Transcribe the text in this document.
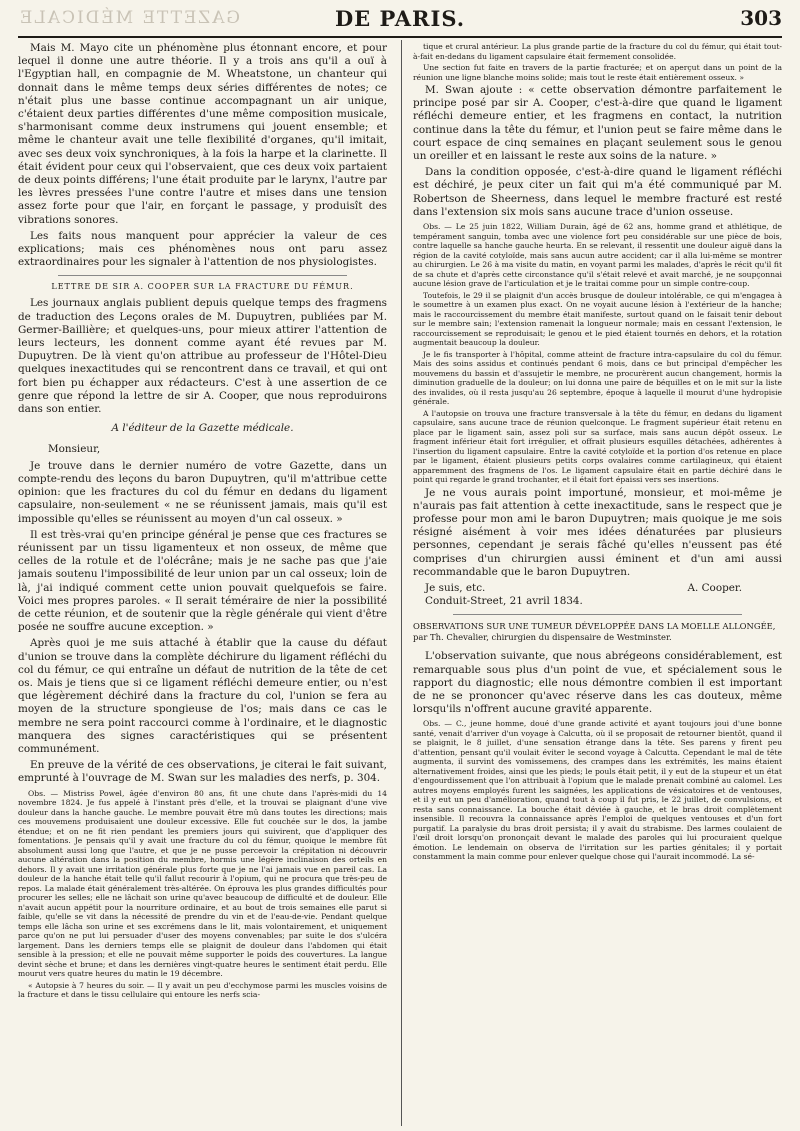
GAZETTE MÉDICALE	DE PARIS.	303

Mais M. Mayo cite un phénomène plus étonnant encore, et pour lequel il donne une autre théorie. Il y a trois ans qu'il a ouï à l'Egyptian hall, en compagnie de M. Wheatstone, un chanteur qui donnait dans le même temps deux séries différentes de notes; ce n'était plus une basse continue accompagnant un air unique, c'étaient deux parties différentes d'une même composition musicale, s'harmonisant comme deux instrumens qui jouent ensemble; et même le chanteur avait une telle flexibilité d'organes, qu'il imitait, avec ses deux voix synchroniques, à la fois la harpe et la clarinette. Il était évident pour ceux qui l'observaient, que ces deux voix partaient de deux points différens; l'une était produite par le larynx, l'autre par les lèvres pressées l'une contre l'autre et mises dans une tension assez forte pour que l'air, en forçant le passage, y produisît des vibrations sonores.

Les faits nous manquent pour apprécier la valeur de ces explications; mais ces phénomènes nous ont paru assez extraordinaires pour les signaler à l'attention de nos physiologistes.

LETTRE DE SIR A. COOPER SUR LA FRACTURE DU FÉMUR.

Les journaux anglais publient depuis quelque temps des fragmens de traduction des Leçons orales de M. Dupuytren, publiées par M. Germer-Baillière; et quelques-uns, pour mieux attirer l'attention de leurs lecteurs, les donnent comme ayant été revues par M. Dupuytren. De là vient qu'on attribue au professeur de l'Hôtel-Dieu quelques inexactitudes qui se rencontrent dans ce travail, et qui ont fort bien pu échapper aux rédacteurs. C'est à une assertion de ce genre que répond la lettre de sir A. Cooper, que nous reproduirons dans son entier.

A l'éditeur de la Gazette médicale.

Monsieur,

Je trouve dans le dernier numéro de votre Gazette, dans un compte-rendu des leçons du baron Dupuytren, qu'il m'attribue cette opinion: que les fractures du col du fémur en dedans du ligament capsulaire, non-seulement « ne se réunissent jamais, mais qu'il est impossible qu'elles se réunissent au moyen d'un cal osseux. »

Il est très-vrai qu'en principe général je pense que ces fractures se réunissent par un tissu ligamenteux et non osseux, de même que celles de la rotule et de l'olécrâne; mais je ne sache pas que j'aie jamais soutenu l'impossibilité de leur union par un cal osseux; loin de là, j'ai indiqué comment cette union pouvait quelquefois se faire. Voici mes propres paroles. « Il serait téméraire de nier la possibilité de cette réunion, et de soutenir que la règle générale qui vient d'être posée ne souffre aucune exception. »

Après quoi je me suis attaché à établir que la cause du défaut d'union se trouve dans la complète déchirure du ligament réfléchi du col du fémur, ce qui entraîne un défaut de nutrition de la tête de cet os. Mais je tiens que si ce ligament réfléchi demeure entier, ou n'est que légèrement déchiré dans la fracture du col, l'union se fera au moyen de la structure spongieuse de l'os; mais dans ce cas le membre ne sera point raccourci comme à l'ordinaire, et le diagnostic manquera des signes caractéristiques qui se présentent communément.

En preuve de la vérité de ces observations, je citerai le fait suivant, emprunté à l'ouvrage de M. Swan sur les maladies des nerfs, p. 304.

Obs. — Mistriss Powel, âgée d'environ 80 ans, fit une chute dans l'après-midi du 14 novembre 1824. Je fus appelé à l'instant près d'elle, et la trouvai se plaignant d'une vive douleur dans la hanche gauche. Le membre pouvait être mû dans toutes les directions; mais ces mouvemens produisaient une douleur excessive. Elle fut couchée sur le dos, la jambe étendue; et on ne fit rien pendant les premiers jours qui suivirent, que d'appliquer des fomentations. Je pensais qu'il y avait une fracture du col du fémur, quoique le membre fût absolument aussi long que l'autre, et que je ne pusse percevoir la crépitation ni découvrir aucune altération dans la position du membre, hormis une légère inclinaison des orteils en dehors. Il y avait une irritation générale plus forte que je ne l'ai jamais vue en pareil cas. La douleur de la hanche était telle qu'il fallut recourir à l'opium, qui ne procura que très-peu de repos. La malade était généralement très-altérée. On éprouva les plus grandes difficultés pour procurer les selles; elle ne lâchait son urine qu'avec beaucoup de difficulté et de douleur. Elle n'avait aucun appétit pour la nourriture ordinaire, et au bout de trois semaines elle parut si faible, qu'elle se vit dans la nécessité de prendre du vin et de l'eau-de-vie. Pendant quelque temps elle lâcha son urine et ses excrémens dans le lit, mais volontairement, et uniquement parce qu'on ne put lui persuader d'user des moyens convenables; par suite le dos s'ulcéra largement. Dans les derniers temps elle se plaignit de douleur dans l'abdomen qui était sensible à la pression; et elle ne pouvait même supporter le poids des couvertures. La langue devint sèche et brune; et dans les dernières vingt-quatre heures le sentiment était perdu. Elle mourut vers quatre heures du matin le 19 décembre.

« Autopsie à 7 heures du soir. — Il y avait un peu d'ecchymose parmi les muscles voisins de la fracture et dans le tissu cellulaire qui entoure les nerfs scia-

tique et crural antérieur. La plus grande partie de la fracture du col du fémur, qui était tout-à-fait en-dedans du ligament capsulaire était fermement consolidée.

Une section fut faite en travers de la partie fracturée; et on aperçut dans un point de la réunion une ligne blanche moins solide; mais tout le reste était entièrement osseux. »

M. Swan ajoute : « cette observation démontre parfaitement le principe posé par sir A. Cooper, c'est-à-dire que quand le ligament réfléchi demeure entier, et les fragmens en contact, la nutrition continue dans la tête du fémur, et l'union peut se faire même dans le court espace de cinq semaines en plaçant seulement sous le genou un oreiller et en laissant le reste aux soins de la nature. »

Dans la condition opposée, c'est-à-dire quand le ligament réfléchi est déchiré, je peux citer un fait qui m'a été communiqué par M. Robertson de Sheerness, dans lequel le membre fracturé est resté dans l'extension six mois sans aucune trace d'union osseuse.

Obs. — Le 25 juin 1822, William Durain, âgé de 62 ans, homme grand et athlétique, de tempérament sanguin, tomba avec une violence fort peu considérable sur une pièce de bois, contre laquelle sa hanche gauche heurta. En se relevant, il ressentit une douleur aiguë dans la région de la cavité cotyloïde, mais sans aucun autre accident; car il alla lui-même se montrer au chirurgien. Le 26 à ma visite du matin, en voyant parmi les malades, d'après le récit qu'il fit de sa chute et d'après cette circonstance qu'il s'était relevé et avait marché, je ne soupçonnai aucune lésion grave de l'articulation et je le traitai comme pour un simple contre-coup.

Toutefois, le 29 il se plaignit d'un accès brusque de douleur intolérable, ce qui m'engagea à le soumettre à un examen plus exact. On ne voyait aucune lésion à l'extérieur de la hanche; mais le raccourcissement du membre était manifeste, surtout quand on le faisait tenir debout sur le membre sain; l'extension ramenait la longueur normale; mais en cessant l'extension, le raccourcissement se reproduisait; le genou et le pied étaient tournés en dehors, et la rotation augmentait beaucoup la douleur.

Je le fis transporter à l'hôpital, comme atteint de fracture intra-capsulaire du col du fémur. Mais des soins assidus et continués pendant 6 mois, dans ce but principal d'empêcher les mouvemens du bassin et d'assujetir le membre, ne procurèrent aucun changement, hormis la diminution graduelle de la douleur; on lui donna une paire de béquilles et on le mit sur la liste des invalides, où il resta jusqu'au 26 septembre, époque à laquelle il mourut d'une hydropisie générale.

A l'autopsie on trouva une fracture transversale à la tête du fémur, en dedans du ligament capsulaire, sans aucune trace de réunion quelconque. Le fragment supérieur était retenu en place par le ligament sain, assez poli sur sa surface, mais sans aucun dépôt osseux. Le fragment inférieur était fort irrégulier, et offrait plusieurs esquilles détachées, adhérentes à l'insertion du ligament capsulaire. Entre la cavité cotyloïde et la portion d'os retenue en place par le ligament, étaient plusieurs petits corps ovalaires comme cartilagineux, qui étaient apparemment des fragmens de l'os. Le ligament capsulaire était en partie déchiré dans le point qui regarde le grand trochanter, et il était fort épaissi vers ses insertions.

Je ne vous aurais point importuné, monsieur, et moi-même je n'aurais pas fait attention à cette inexactitude, sans le respect que je professe pour mon ami le baron Dupuytren; mais quoique je me sois résigné aisément à voir mes idées dénaturées par plusieurs personnes, cependant je serais fâché qu'elles n'eussent pas été comprises d'un chirurgien aussi éminent et d'un ami aussi recommandable que le baron Dupuytren.

Je suis, etc.	A. Cooper.

Conduit-Street, 21 avril 1834.

OBSERVATIONS SUR UNE TUMEUR DÉVELOPPÉE DANS LA MOELLE ALLONGÉE, par Th. Chevalier, chirurgien du dispensaire de Westminster.

L'observation suivante, que nous abrégeons considérablement, est remarquable sous plus d'un point de vue, et spécialement sous le rapport du diagnostic; elle nous démontre combien il est important de ne se prononcer qu'avec réserve dans les cas douteux, même lorsqu'ils n'offrent aucune gravité apparente.

Obs. — C., jeune homme, doué d'une grande activité et ayant toujours joui d'une bonne santé, venait d'arriver d'un voyage à Calcutta, où il se proposait de retourner bientôt, quand il se plaignit, le 8 juillet, d'une sensation étrange dans la tête. Ses parens y firent peu d'attention, pensant qu'il voulait éviter le second voyage à Calcutta. Cependant le mal de tête augmenta, il survint des vomissemens, des crampes dans les extrémités, les mains étaient alternativement froides, ainsi que les pieds; le pouls était petit, il y eut de la stupeur et un état d'engourdissement que l'on attribuait à l'opium que le malade prenait combiné au calomel. Les autres moyens employés furent les saignées, les applications de vésicatoires et de ventouses, et il y eut un peu d'amélioration, quand tout à coup il fut pris, le 22 juillet, de convulsions, et resta sans connaissance. La bouche était déviée à gauche, et le bras droit complètement insensible. Il recouvra la connaissance après l'emploi de quelques ventouses et d'un fort purgatif. La paralysie du bras droit persista; il y avait du strabisme. Des larmes coulaient de l'œil droit lorsqu'on prononçait devant le malade des paroles qui lui procuraient quelque émotion. Le lendemain on observa de l'irritation sur les parties génitales; il y portait constamment la main comme pour enlever quelque chose qui l'aurait incommodé. La sé-
